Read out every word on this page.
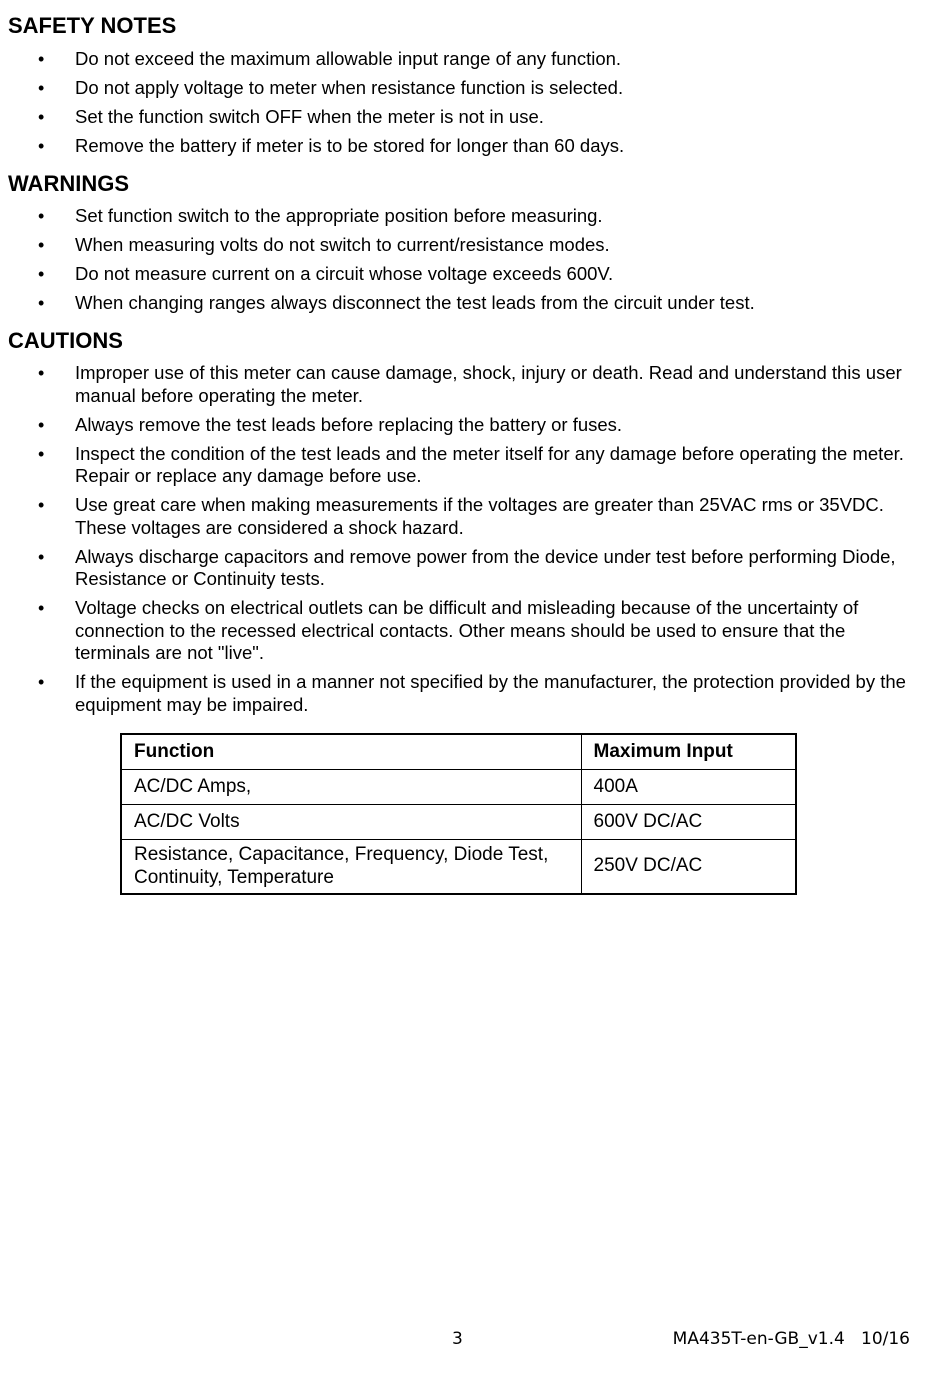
SAFETY NOTES
• Do not exceed the maximum allowable input range of any function.
• Do not apply voltage to meter when resistance function is selected.
• Set the function switch OFF when the meter is not in use.
• Remove the battery if meter is to be stored for longer than 60 days.
WARNINGS
• Set function switch to the appropriate position before measuring.
• When measuring volts do not switch to current/resistance modes.
• Do not measure current on a circuit whose voltage exceeds 600V.
• When changing ranges always disconnect the test leads from the circuit under test.
CAUTIONS
• Improper use of this meter can cause damage, shock, injury or death. Read and understand this user manual before operating the meter.
• Always remove the test leads before replacing the battery or fuses.
• Inspect the condition of the test leads and the meter itself for any damage before operating the meter. Repair or replace any damage before use.
• Use great care when making measurements if the voltages are greater than 25VAC rms or 35VDC. These voltages are considered a shock hazard.
• Always discharge capacitors and remove power from the device under test before performing Diode, Resistance or Continuity tests.
• Voltage checks on electrical outlets can be difficult and misleading because of the uncertainty of connection to the recessed electrical contacts. Other means should be used to ensure that the terminals are not "live".
• If the equipment is used in a manner not specified by the manufacturer, the protection provided by the equipment may be impaired.
Function	Maximum Input
AC/DC Amps,	400A
AC/DC Volts	600V DC/AC
Resistance, Capacitance, Frequency, Diode Test, Continuity, Temperature	250V DC/AC
3	MA435T-en-GB_v1.4   10/16
